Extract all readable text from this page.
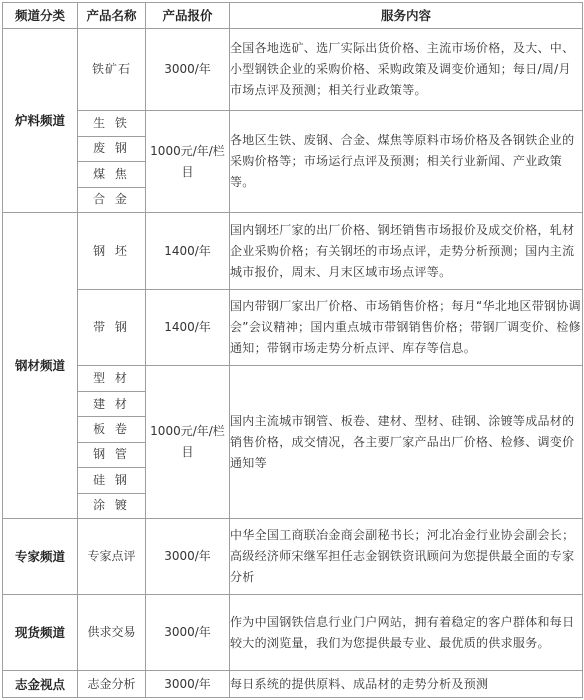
频道分类	产品名称	产品报价	服务内容
炉料频道	铁矿石	3000/年	全国各地选矿、选厂实际出货价格、主流市场价格，及大、中、小型钢铁企业的采购价格、采购政策及调变价通知；每日/周/月市场点评及预测；相关行业政策等。
	生 铁	1000元/年/栏目	各地区生铁、废钢、合金、煤焦等原料市场价格及各钢铁企业的采购价格等；市场运行点评及预测；相关行业新闻、产业政策等。
	废 钢		
	煤 焦		
	合 金		
钢材频道	钢 坯	1400/年	国内钢坯厂家的出厂价格、钢坯销售市场报价及成交价格，轧材企业采购价格；有关钢坯的市场点评，走势分析预测；国内主流城市报价，周末、月末区域市场点评等。
	带 钢	1400/年	国内带钢厂家出厂价格、市场销售价格；每月“华北地区带钢协调会”会议精神；国内重点城市带钢销售价格；带钢厂调变价、检修通知；带钢市场走势分析点评、库存等信息。
	型 材	1000元/年/栏目	国内主流城市钢管、板卷、建材、型材、硅钢、涂镀等成品材的销售价格，成交情况，各主要厂家产品出厂价格、检修、调变价通知等
	建 材		
	板 卷		
	钢 管		
	硅 钢		
	涂 镀		
专家频道	专家点评	3000/年	中华全国工商联冶金商会副秘书长；河北冶金行业协会副会长；高级经济师宋继军担任志金钢铁资讯顾问为您提供最全面的专家分析
现货频道	供求交易	3000/年	作为中国钢铁信息行业门户网站，拥有着稳定的客户群体和每日较大的浏览量，我们为您提供最专业、最优质的供求服务。
志金视点	志金分析	3000/年	每日系统的提供原料、成品材的走势分析及预测
